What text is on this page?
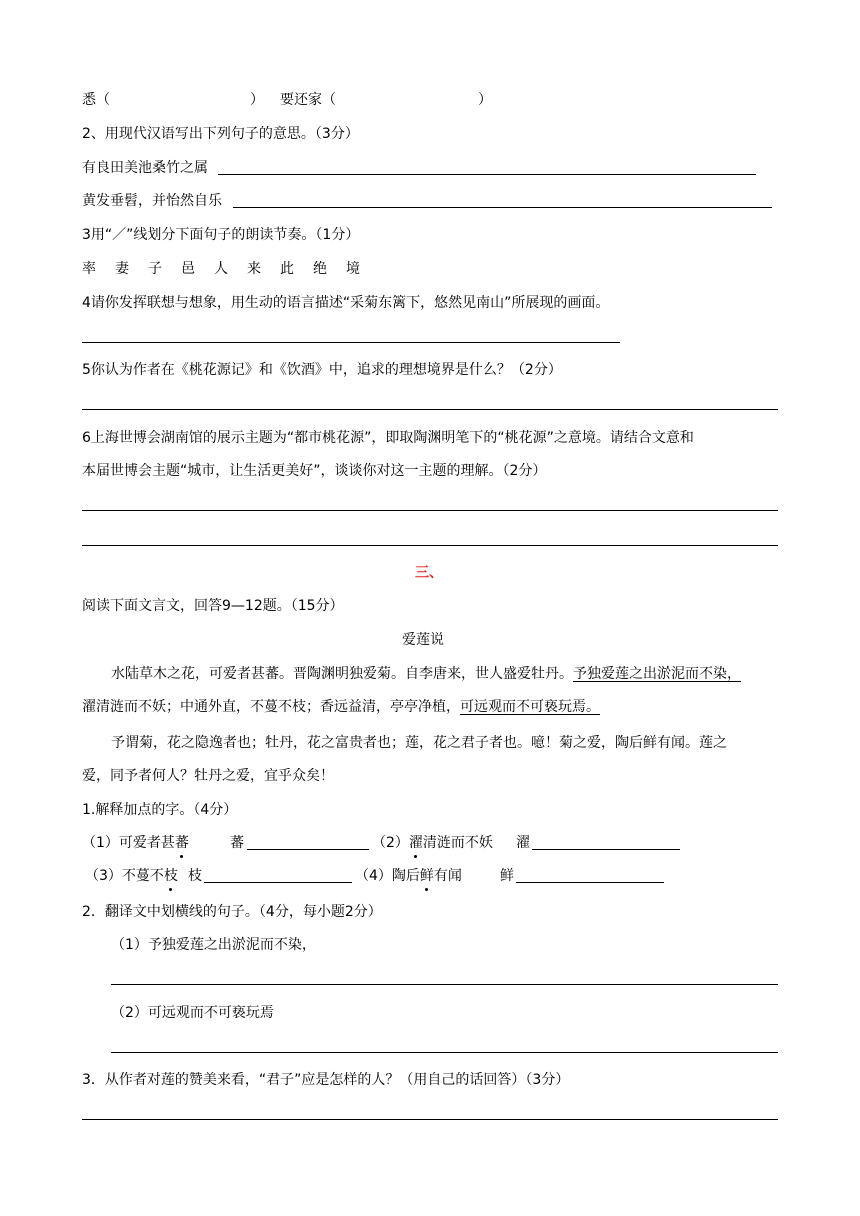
悉（	） 要还家（	）
2、用现代汉语写出下列句子的意思。（3分）
有良田美池桑竹之属
黄发垂髫，并怡然自乐
3用“／”线划分下面句子的朗读节奏。（1分）
率 妻 子 邑 人 来 此 绝 境
4请你发挥联想与想象，用生动的语言描述“采菊东篱下，悠然见南山”所展现的画面。
5你认为作者在《桃花源记》和《饮酒》中，追求的理想境界是什么？（2分）
6上海世博会湖南馆的展示主题为“都市桃花源”，即取陶渊明笔下的“桃花源”之意境。请结合文意和
本届世博会主题“城市，让生活更美好”，谈谈你对这一主题的理解。（2分）
三、
阅读下面文言文，回答9—12题。（15分）
爱莲说
水陆草木之花，可爱者甚蕃。晋陶渊明独爱菊。自李唐来，世人盛爱牡丹。予独爱莲之出淤泥而不染，
濯清涟而不妖；中通外直，不蔓不枝；香远益清，亭亭净植，可远观而不可亵玩焉。
予谓菊，花之隐逸者也；牡丹，花之富贵者也；莲，花之君子者也。噫！菊之爱，陶后鲜有闻。莲之
爱，同予者何人？牡丹之爱，宜乎众矣！
1.解释加点的字。（4分）
（1）可爱者甚蕃	蕃	（2）濯清涟而不妖 濯
（3）不蔓不枝 枝	（4）陶后鲜有闻	鲜
2．翻译文中划横线的句子。（4分，每小题2分）
（1）予独爱莲之出淤泥而不染，
（2）可远观而不可亵玩焉
3．从作者对莲的赞美来看，“君子”应是怎样的人？（用自己的话回答）（3分）
